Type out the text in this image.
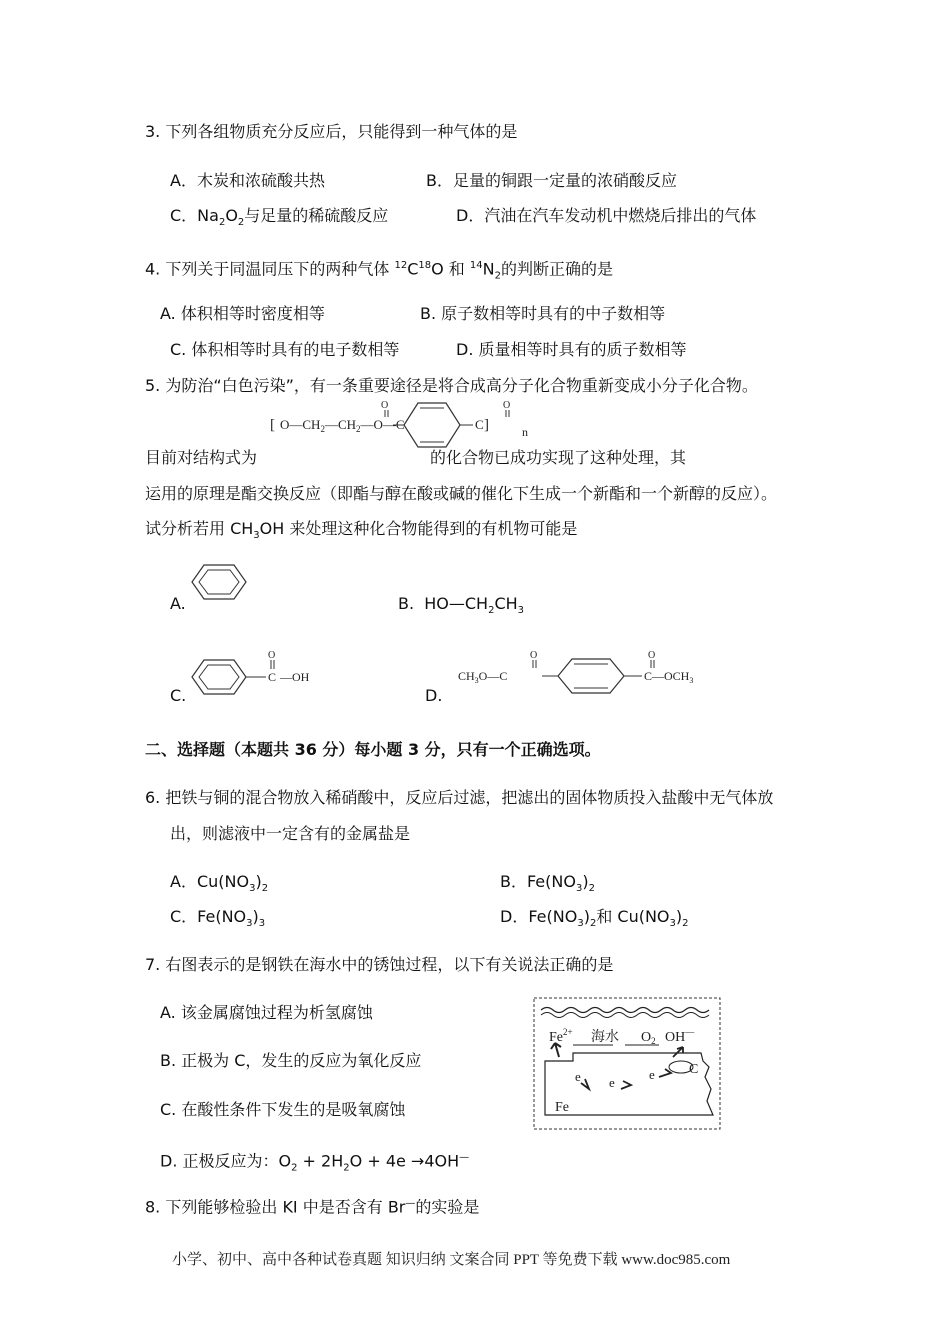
3. 下列各组物质充分反应后，只能得到一种气体的是
A．木炭和浓硫酸共热	B．足量的铜跟一定量的浓硝酸反应
C．$Na_2O_2$与足量的稀硫酸反应	D．汽油在汽车发动机中燃烧后排出的气体
4. 下列关于同温同压下的两种气体 $^{12}C^{18}O$ 和 $^{14}N_2$的判断正确的是
A. 体积相等时密度相等	B. 原子数相等时具有的中子数相等
C. 体积相等时具有的电子数相等	D. 质量相等时具有的质子数相等
5. 为防治“白色污染”，有一条重要途径是将合成高分子化合物重新变成小分子化合物。
[ $O—CH_2—CH_2—O—C$
O
C
O
]	n
目前对结构式为	的化合物已成功实现了这种处理，其
运用的原理是酯交换反应（即酯与醇在酸或碱的催化下生成一个新酯和一个新醇的反应）。
试分析若用 $CH_3OH$ 来处理这种化合物能得到的有机物可能是
A.	B. $HO—CH_2CH_3$
C
O
—OH
C.
$CH_3O—C$
O	O
$C—OCH_3$
D.
二、选择题（本题共 36 分）每小题 3 分，只有一个正确选项。
6. 把铁与铜的混合物放入稀硝酸中，反应后过滤，把滤出的固体物质投入盐酸中无气体放
出，则滤液中一定含有的金属盐是
A．$Cu(NO_3)_2$	B．$Fe(NO_3)_2$
C．$Fe(NO_3)_3$	D．$Fe(NO_3)_2$和 $Cu(NO_3)_2$
7. 右图表示的是钢铁在海水中的锈蚀过程，以下有关说法正确的是
A. 该金属腐蚀过程为析氢腐蚀
B. 正极为 C，发生的反应为氧化反应
C. 在酸性条件下发生的是吸氧腐蚀
D. 正极反应为：$O_2 + 2H_2O + 4e \to 4OH^—$
$Fe^{2+}$ 海水 $O_2$ OH—
e e
e C
Fe
8. 下列能够检验出 KI 中是否含有 Br—的实验是
小学、初中、高中各种试卷真题 知识归纳 文案合同 PPT 等免费下载 www.doc985.com
